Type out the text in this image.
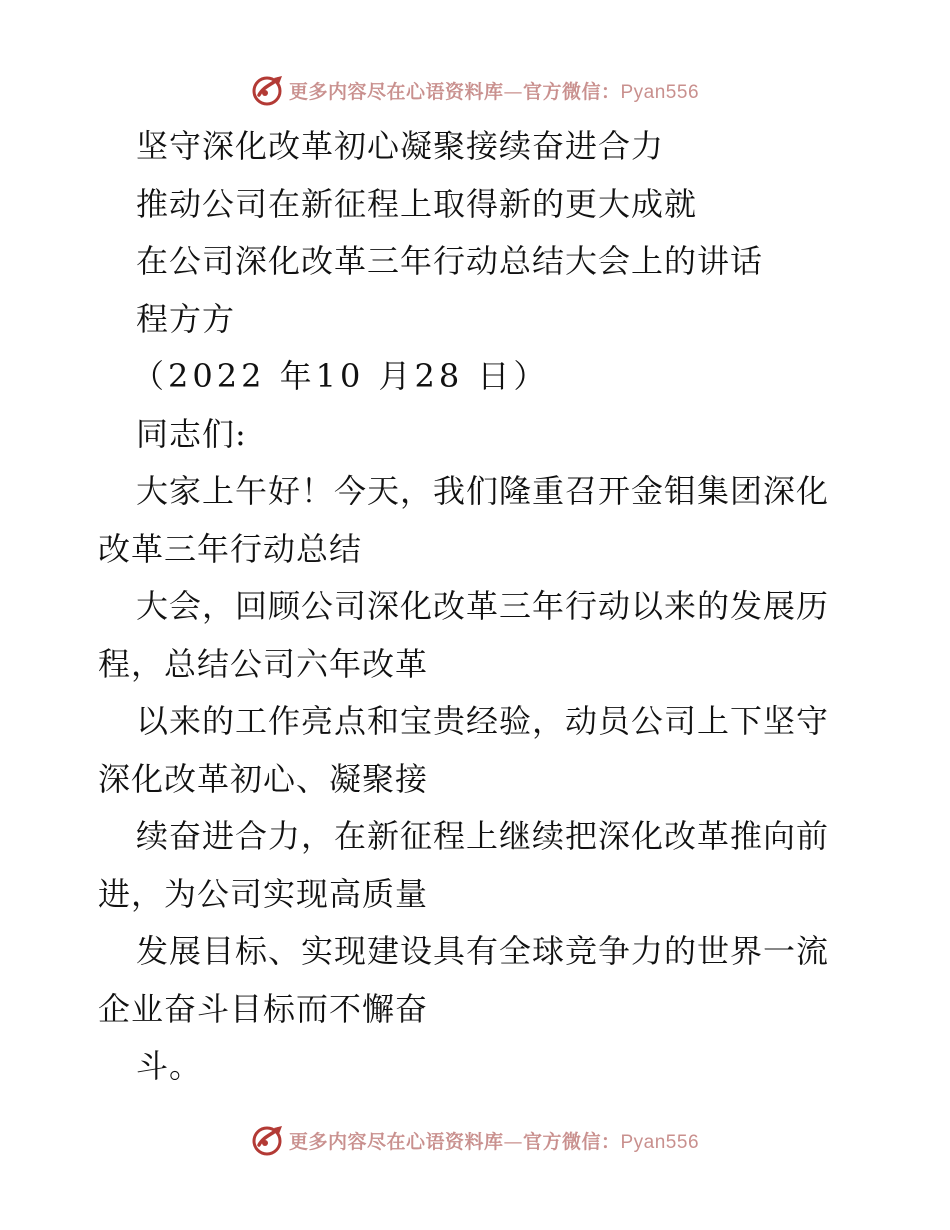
更多内容尽在心语资料库—官方微信：Pyan556
坚守深化改革初心凝聚接续奋进合力
推动公司在新征程上取得新的更大成就
在公司深化改革三年行动总结大会上的讲话
程方方
（2022 年10 月28 日）
同志们:
大家上午好！今天，我们隆重召开金钼集团深化
改革三年行动总结
大会，回顾公司深化改革三年行动以来的发展历
程，总结公司六年改革
以来的工作亮点和宝贵经验，动员公司上下坚守
深化改革初心、凝聚接
续奋进合力，在新征程上继续把深化改革推向前
进，为公司实现高质量
发展目标、实现建设具有全球竞争力的世界一流
企业奋斗目标而不懈奋
斗。
更多内容尽在心语资料库—官方微信：Pyan556
